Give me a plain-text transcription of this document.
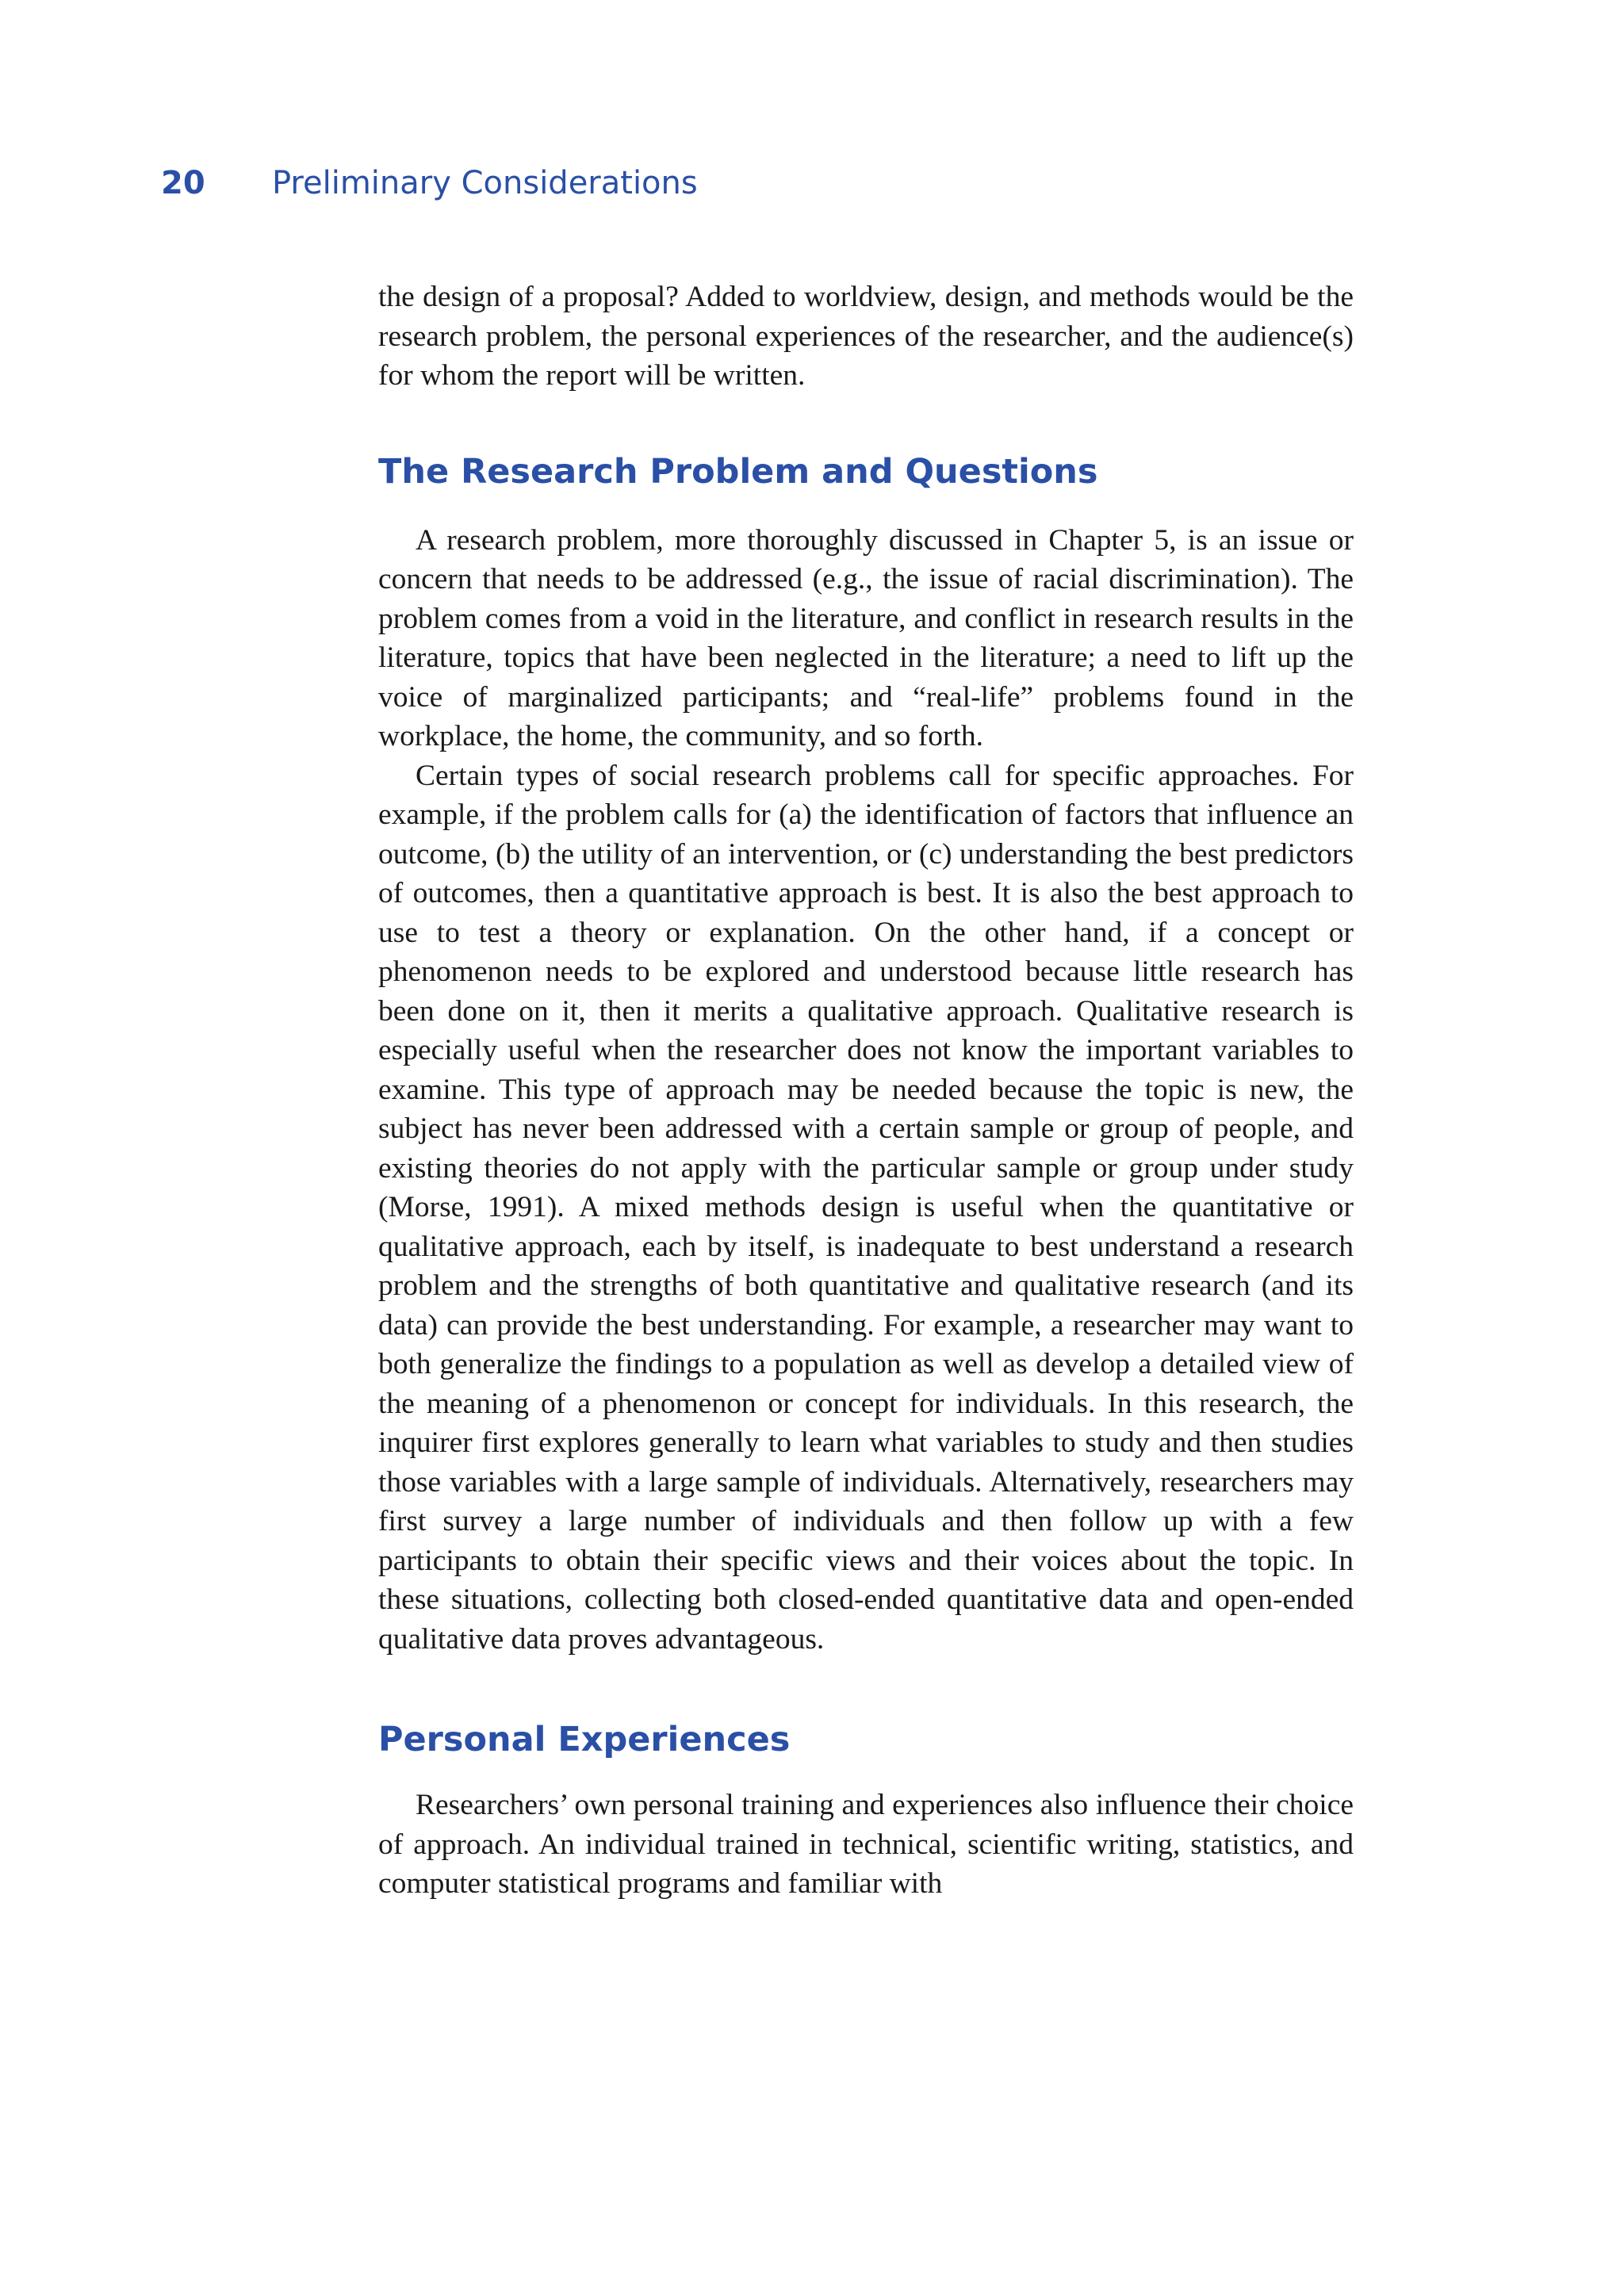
20	Preliminary Considerations

the design of a proposal? Added to worldview, design, and methods would be the research problem, the personal experiences of the researcher, and the audience(s) for whom the report will be written.

The Research Problem and Questions

A research problem, more thoroughly discussed in Chapter 5, is an issue or concern that needs to be addressed (e.g., the issue of racial discrimination). The problem comes from a void in the literature, and conflict in research results in the literature, topics that have been neglected in the literature; a need to lift up the voice of marginalized participants; and “real-life” problems found in the workplace, the home, the community, and so forth.

Certain types of social research problems call for specific approaches. For example, if the problem calls for (a) the identification of factors that influence an outcome, (b) the utility of an intervention, or (c) understanding the best predictors of outcomes, then a quantitative approach is best. It is also the best approach to use to test a theory or explanation. On the other hand, if a concept or phenomenon needs to be explored and understood because little research has been done on it, then it merits a qualitative approach. Qualitative research is especially useful when the researcher does not know the important variables to examine. This type of approach may be needed because the topic is new, the subject has never been addressed with a certain sample or group of people, and existing theories do not apply with the particular sample or group under study (Morse, 1991). A mixed methods design is useful when the quantitative or qualitative approach, each by itself, is inadequate to best understand a research problem and the strengths of both quantitative and qualitative research (and its data) can provide the best understanding. For example, a researcher may want to both generalize the findings to a population as well as develop a detailed view of the meaning of a phenomenon or concept for individuals. In this research, the inquirer first explores generally to learn what variables to study and then studies those variables with a large sample of individuals. Alternatively, researchers may first survey a large number of individuals and then follow up with a few participants to obtain their specific views and their voices about the topic. In these situations, collecting both closed-ended quantitative data and open-ended qualitative data proves advantageous.

Personal Experiences

Researchers’ own personal training and experiences also influence their choice of approach. An individual trained in technical, scientific writing, statistics, and computer statistical programs and familiar with
